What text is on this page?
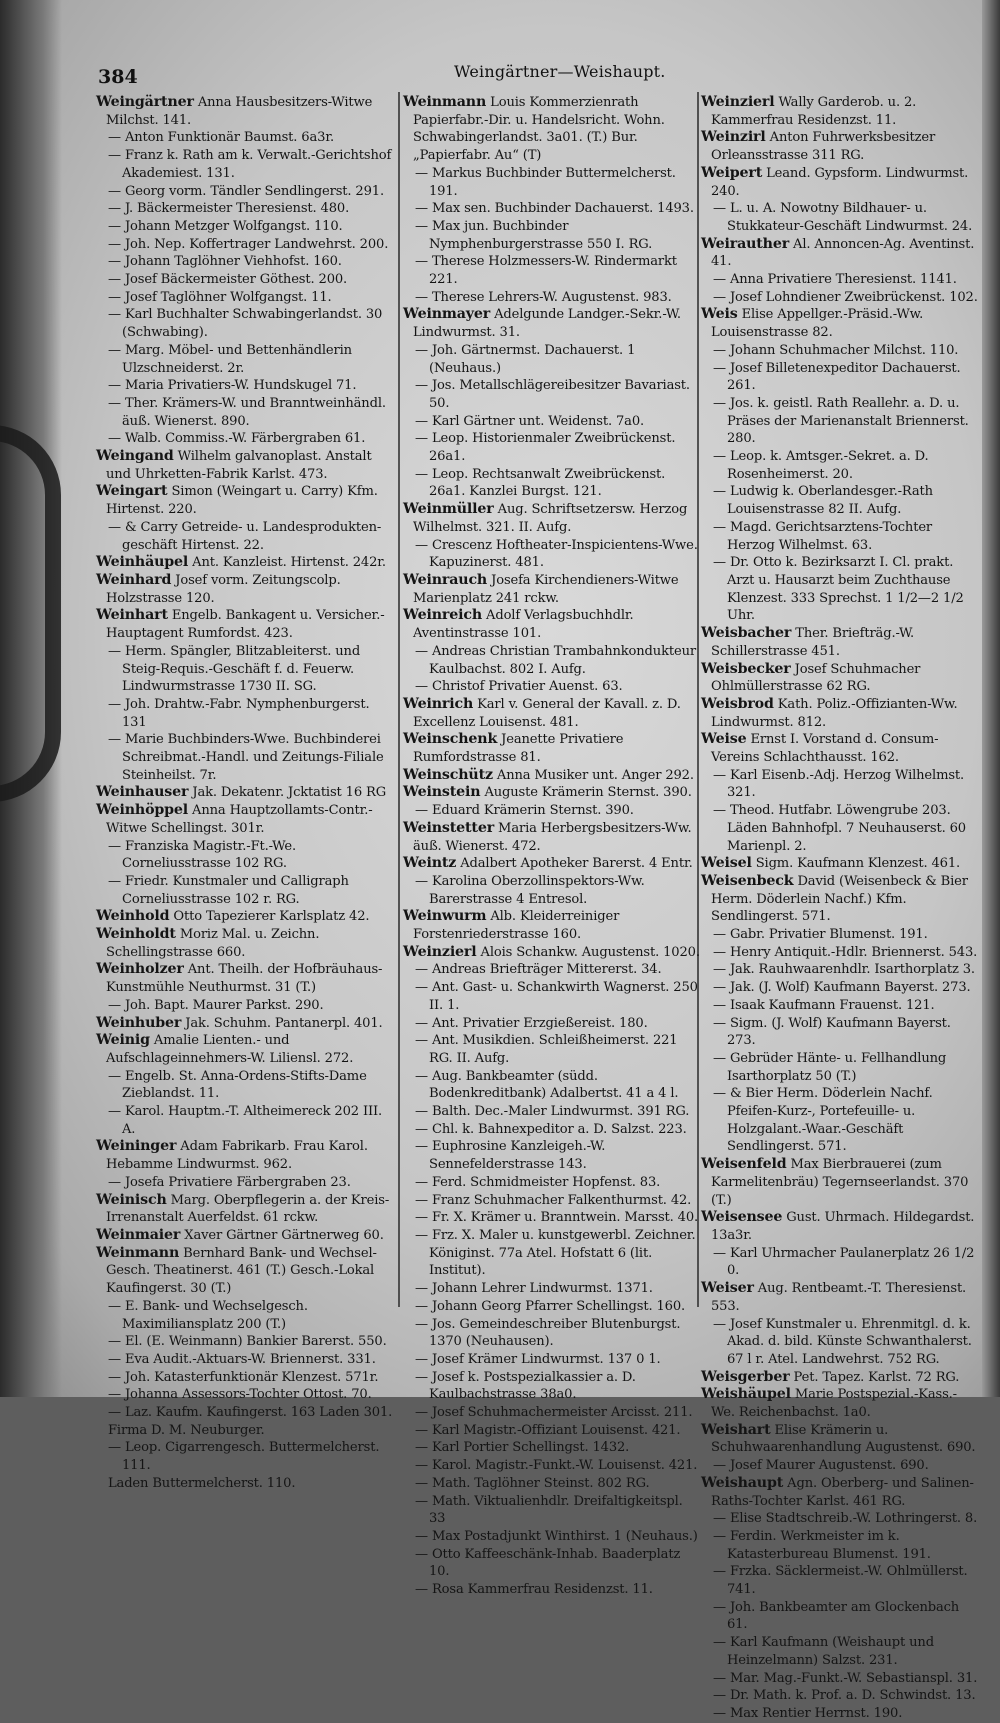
384	Weingärtner—Weishaupt.

Weingärtner Anna Hausbesitzers-Witwe Milchst. 141.

— Anton Funktionär Baumst. 6a3r.

— Franz k. Rath am k. Verwalt.-Gerichtshof Akademiest. 131.

— Georg vorm. Tändler Sendlingerst. 291.

— J. Bäckermeister Theresienst. 480.

— Johann Metzger Wolfgangst. 110.

— Joh. Nep. Koffertrager Landwehrst. 200.

— Johann Taglöhner Viehhofst. 160.

— Josef Bäckermeister Göthest. 200.

— Josef Taglöhner Wolfgangst. 11.

— Karl Buchhalter Schwabingerlandst. 30 (Schwabing).

— Marg. Möbel- und Bettenhändlerin Ulzschneiderst. 2r.

— Maria Privatiers-W. Hundskugel 71.

— Ther. Krämers-W. und Branntweinhändl. äuß. Wienerst. 890.

— Walb. Commiss.-W. Färbergraben 61.

Weingand Wilhelm galvanoplast. Anstalt und Uhrketten-Fabrik Karlst. 473.

Weingart Simon (Weingart u. Carry) Kfm. Hirtenst. 220.

— & Carry Getreide- u. Landesprodukten-geschäft Hirtenst. 22.

Weinhäupel Ant. Kanzleist. Hirtenst. 242r.

Weinhard Josef vorm. Zeitungscolp. Holzstrasse 120.

Weinhart Engelb. Bankagent u. Versicher.-Hauptagent Rumfordst. 423.

— Herm. Spängler, Blitzableiterst. und Steig-Requis.-Geschäft f. d. Feuerw. Lindwurmstrasse 1730 II. SG.

— Joh. Drahtw.-Fabr. Nymphenburgerst. 131

— Marie Buchbinders-Wwe. Buchbinderei Schreibmat.-Handl. und Zeitungs-Filiale Steinheilst. 7r.

Weinhauser Jak. Dekatenr. Jcktatist 16 RG

Weinhöppel Anna Hauptzollamts-Contr.-Witwe Schellingst. 301r.

— Franziska Magistr.-Ft.-We. Corneliusstrasse 102 RG.

— Friedr. Kunstmaler und Calligraph Corneliusstrasse 102 r. RG.

Weinhold Otto Tapezierer Karlsplatz 42.

Weinholdt Moriz Mal. u. Zeichn. Schellingstrasse 660.

Weinholzer Ant. Theilh. der Hofbräuhaus-Kunstmühle Neuthurmst. 31 (T.)

— Joh. Bapt. Maurer Parkst. 290.

Weinhuber Jak. Schuhm. Pantanerpl. 401.

Weinig Amalie Lienten.- und Aufschlageinnehmers-W. Liliensl. 272.

— Engelb. St. Anna-Ordens-Stifts-Dame Zieblandst. 11.

— Karol. Hauptm.-T. Altheimereck 202 III. A.

Weininger Adam Fabrikarb. Frau Karol. Hebamme Lindwurmst. 962.

— Josefa Privatiere Färbergraben 23.

Weinisch Marg. Oberpflegerin a. der Kreis-Irrenanstalt Auerfeldst. 61 rckw.

Weinmaier Xaver Gärtner Gärtnerweg 60.

Weinmann Bernhard Bank- und Wechsel-Gesch. Theatinerst. 461 (T.) Gesch.-Lokal Kaufingerst. 30 (T.)

— E. Bank- und Wechselgesch. Maximiliansplatz 200 (T.)

— El. (E. Weinmann) Bankier Barerst. 550.

— Eva Audit.-Aktuars-W. Briennerst. 331.

— Joh. Katasterfunktionär Klenzest. 571r.

— Johanna Assessors-Tochter Ottost. 70.

— Laz. Kaufm. Kaufingerst. 163 Laden 301.

Firma D. M. Neuburger.

— Leop. Cigarrengesch. Buttermelcherst. 111.

Laden Buttermelcherst. 110.

Weinmann Louis Kommerzienrath Papierfabr.-Dir. u. Handelsricht. Wohn. Schwabingerlandst. 3a01. (T.) Bur. „Papierfabr. Au“ (T)

— Markus Buchbinder Buttermelcherst. 191.

— Max sen. Buchbinder Dachauerst. 1493.

— Max jun. Buchbinder Nymphenburgerstrasse 550 I. RG.

— Therese Holzmessers-W. Rindermarkt 221.

— Therese Lehrers-W. Augustenst. 983.

Weinmayer Adelgunde Landger.-Sekr.-W. Lindwurmst. 31.

— Joh. Gärtnermst. Dachauerst. 1 (Neuhaus.)

— Jos. Metallschlägereibesitzer Bavariast. 50.

— Karl Gärtner unt. Weidenst. 7a0.

— Leop. Historienmaler Zweibrückenst. 26a1.

— Leop. Rechtsanwalt Zweibrückenst. 26a1. Kanzlei Burgst. 121.

Weinmüller Aug. Schriftsetzersw. Herzog Wilhelmst. 321. II. Aufg.

— Crescenz Hoftheater-Inspicientens-Wwe. Kapuzinerst. 481.

Weinrauch Josefa Kirchendieners-Witwe Marienplatz 241 rckw.

Weinreich Adolf Verlagsbuchhdlr. Aventinstrasse 101.

— Andreas Christian Trambahnkondukteur Kaulbachst. 802 I. Aufg.

— Christof Privatier Auenst. 63.

Weinrich Karl v. General der Kavall. z. D. Excellenz Louisenst. 481.

Weinschenk Jeanette Privatiere Rumfordstrasse 81.

Weinschütz Anna Musiker unt. Anger 292.

Weinstein Auguste Krämerin Sternst. 390.

— Eduard Krämerin Sternst. 390.

Weinstetter Maria Herbergsbesitzers-Ww. äuß. Wienerst. 472.

Weintz Adalbert Apotheker Barerst. 4 Entr.

— Karolina Oberzollinspektors-Ww. Barerstrasse 4 Entresol.

Weinwurm Alb. Kleiderreiniger Forstenriederstrasse 160.

Weinzierl Alois Schankw. Augustenst. 1020.

— Andreas Briefträger Mittererst. 34.

— Ant. Gast- u. Schankwirth Wagnerst. 250 II. 1.

— Ant. Privatier Erzgießereist. 180.

— Ant. Musikdien. Schleißheimerst. 221 RG. II. Aufg.

— Aug. Bankbeamter (südd. Bodenkreditbank) Adalbertst. 41 a 4 l.

— Balth. Dec.-Maler Lindwurmst. 391 RG.

— Chl. k. Bahnexpeditor a. D. Salzst. 223.

— Euphrosine Kanzleigeh.-W. Sennefelderstrasse 143.

— Ferd. Schmidmeister Hopfenst. 83.

— Franz Schuhmacher Falkenthurmst. 42.

— Fr. X. Krämer u. Branntwein. Marsst. 40.

— Frz. X. Maler u. kunstgewerbl. Zeichner. Königinst. 77a Atel. Hofstatt 6 (lit. Institut).

— Johann Lehrer Lindwurmst. 1371.

— Johann Georg Pfarrer Schellingst. 160.

— Jos. Gemeindeschreiber Blutenburgst. 1370 (Neuhausen).

— Josef Krämer Lindwurmst. 137 0 1.

— Josef k. Postspezialkassier a. D. Kaulbachstrasse 38a0.

— Josef Schuhmachermeister Arcisst. 211.

— Karl Magistr.-Offiziant Louisenst. 421.

— Karl Portier Schellingst. 1432.

— Karol. Magistr.-Funkt.-W. Louisenst. 421.

— Math. Taglöhner Steinst. 802 RG.

— Math. Viktualienhdlr. Dreifaltigkeitspl. 33

— Max Postadjunkt Winthirst. 1 (Neuhaus.)

— Otto Kaffeeschänk-Inhab. Baaderplatz 10.

— Rosa Kammerfrau Residenzst. 11.

Weinzierl Wally Garderob. u. 2. Kammerfrau Residenzst. 11.

Weinzirl Anton Fuhrwerksbesitzer Orleansstrasse 311 RG.

Weipert Leand. Gypsform. Lindwurmst. 240.

— L. u. A. Nowotny Bildhauer- u. Stukkateur-Geschäft Lindwurmst. 24.

Weirauther Al. Annoncen-Ag. Aventinst. 41.

— Anna Privatiere Theresienst. 1141.

— Josef Lohndiener Zweibrückenst. 102.

Weis Elise Appellger.-Präsid.-Ww. Louisenstrasse 82.

— Johann Schuhmacher Milchst. 110.

— Josef Billetenexpeditor Dachauerst. 261.

— Jos. k. geistl. Rath Reallehr. a. D. u. Präses der Marienanstalt Briennerst. 280.

— Leop. k. Amtsger.-Sekret. a. D. Rosenheimerst. 20.

— Ludwig k. Oberlandesger.-Rath Louisenstrasse 82 II. Aufg.

— Magd. Gerichtsarztens-Tochter Herzog Wilhelmst. 63.

— Dr. Otto k. Bezirksarzt I. Cl. prakt. Arzt u. Hausarzt beim Zuchthause Klenzest. 333 Sprechst. 1 1/2—2 1/2 Uhr.

Weisbacher Ther. Briefträg.-W. Schillerstrasse 451.

Weisbecker Josef Schuhmacher Ohlmüllerstrasse 62 RG.

Weisbrod Kath. Poliz.-Offizianten-Ww. Lindwurmst. 812.

Weise Ernst I. Vorstand d. Consum-Vereins Schlachthausst. 162.

— Karl Eisenb.-Adj. Herzog Wilhelmst. 321.

— Theod. Hutfabr. Löwengrube 203. Läden Bahnhofpl. 7 Neuhauserst. 60 Marienpl. 2.

Weisel Sigm. Kaufmann Klenzest. 461.

Weisenbeck David (Weisenbeck & Bier Herm. Döderlein Nachf.) Kfm. Sendlingerst. 571.

— Gabr. Privatier Blumenst. 191.

— Henry Antiquit.-Hdlr. Briennerst. 543.

— Jak. Rauhwaarenhdlr. Isarthorplatz 3.

— Jak. (J. Wolf) Kaufmann Bayerst. 273.

— Isaak Kaufmann Frauenst. 121.

— Sigm. (J. Wolf) Kaufmann Bayerst. 273.

— Gebrüder Hänte- u. Fellhandlung Isarthorplatz 50 (T.)

— & Bier Herm. Döderlein Nachf. Pfeifen-Kurz-, Portefeuille- u. Holzgalant.-Waar.-Geschäft Sendlingerst. 571.

Weisenfeld Max Bierbrauerei (zum Karmelitenbräu) Tegernseerlandst. 370 (T.)

Weisensee Gust. Uhrmach. Hildegardst. 13a3r.

— Karl Uhrmacher Paulanerplatz 26 1/2 0.

Weiser Aug. Rentbeamt.-T. Theresienst. 553.

— Josef Kunstmaler u. Ehrenmitgl. d. k. Akad. d. bild. Künste Schwanthalerst. 67 l r. Atel. Landwehrst. 752 RG.

Weisgerber Pet. Tapez. Karlst. 72 RG.

Weishäupel Marie Postspezial.-Kass.-We. Reichenbachst. 1a0.

Weishart Elise Krämerin u. Schuhwaarenhandlung Augustenst. 690.

— Josef Maurer Augustenst. 690.

Weishaupt Agn. Oberberg- und Salinen-Raths-Tochter Karlst. 461 RG.

— Elise Stadtschreib.-W. Lothringerst. 8.

— Ferdin. Werkmeister im k. Katasterbureau Blumenst. 191.

— Frzka. Säcklermeist.-W. Ohlmüllerst. 741.

— Joh. Bankbeamter am Glockenbach 61.

— Karl Kaufmann (Weishaupt und Heinzelmann) Salzst. 231.

— Mar. Mag.-Funkt.-W. Sebastianspl. 31.

— Dr. Math. k. Prof. a. D. Schwindst. 13.

— Max Rentier Herrnst. 190.
